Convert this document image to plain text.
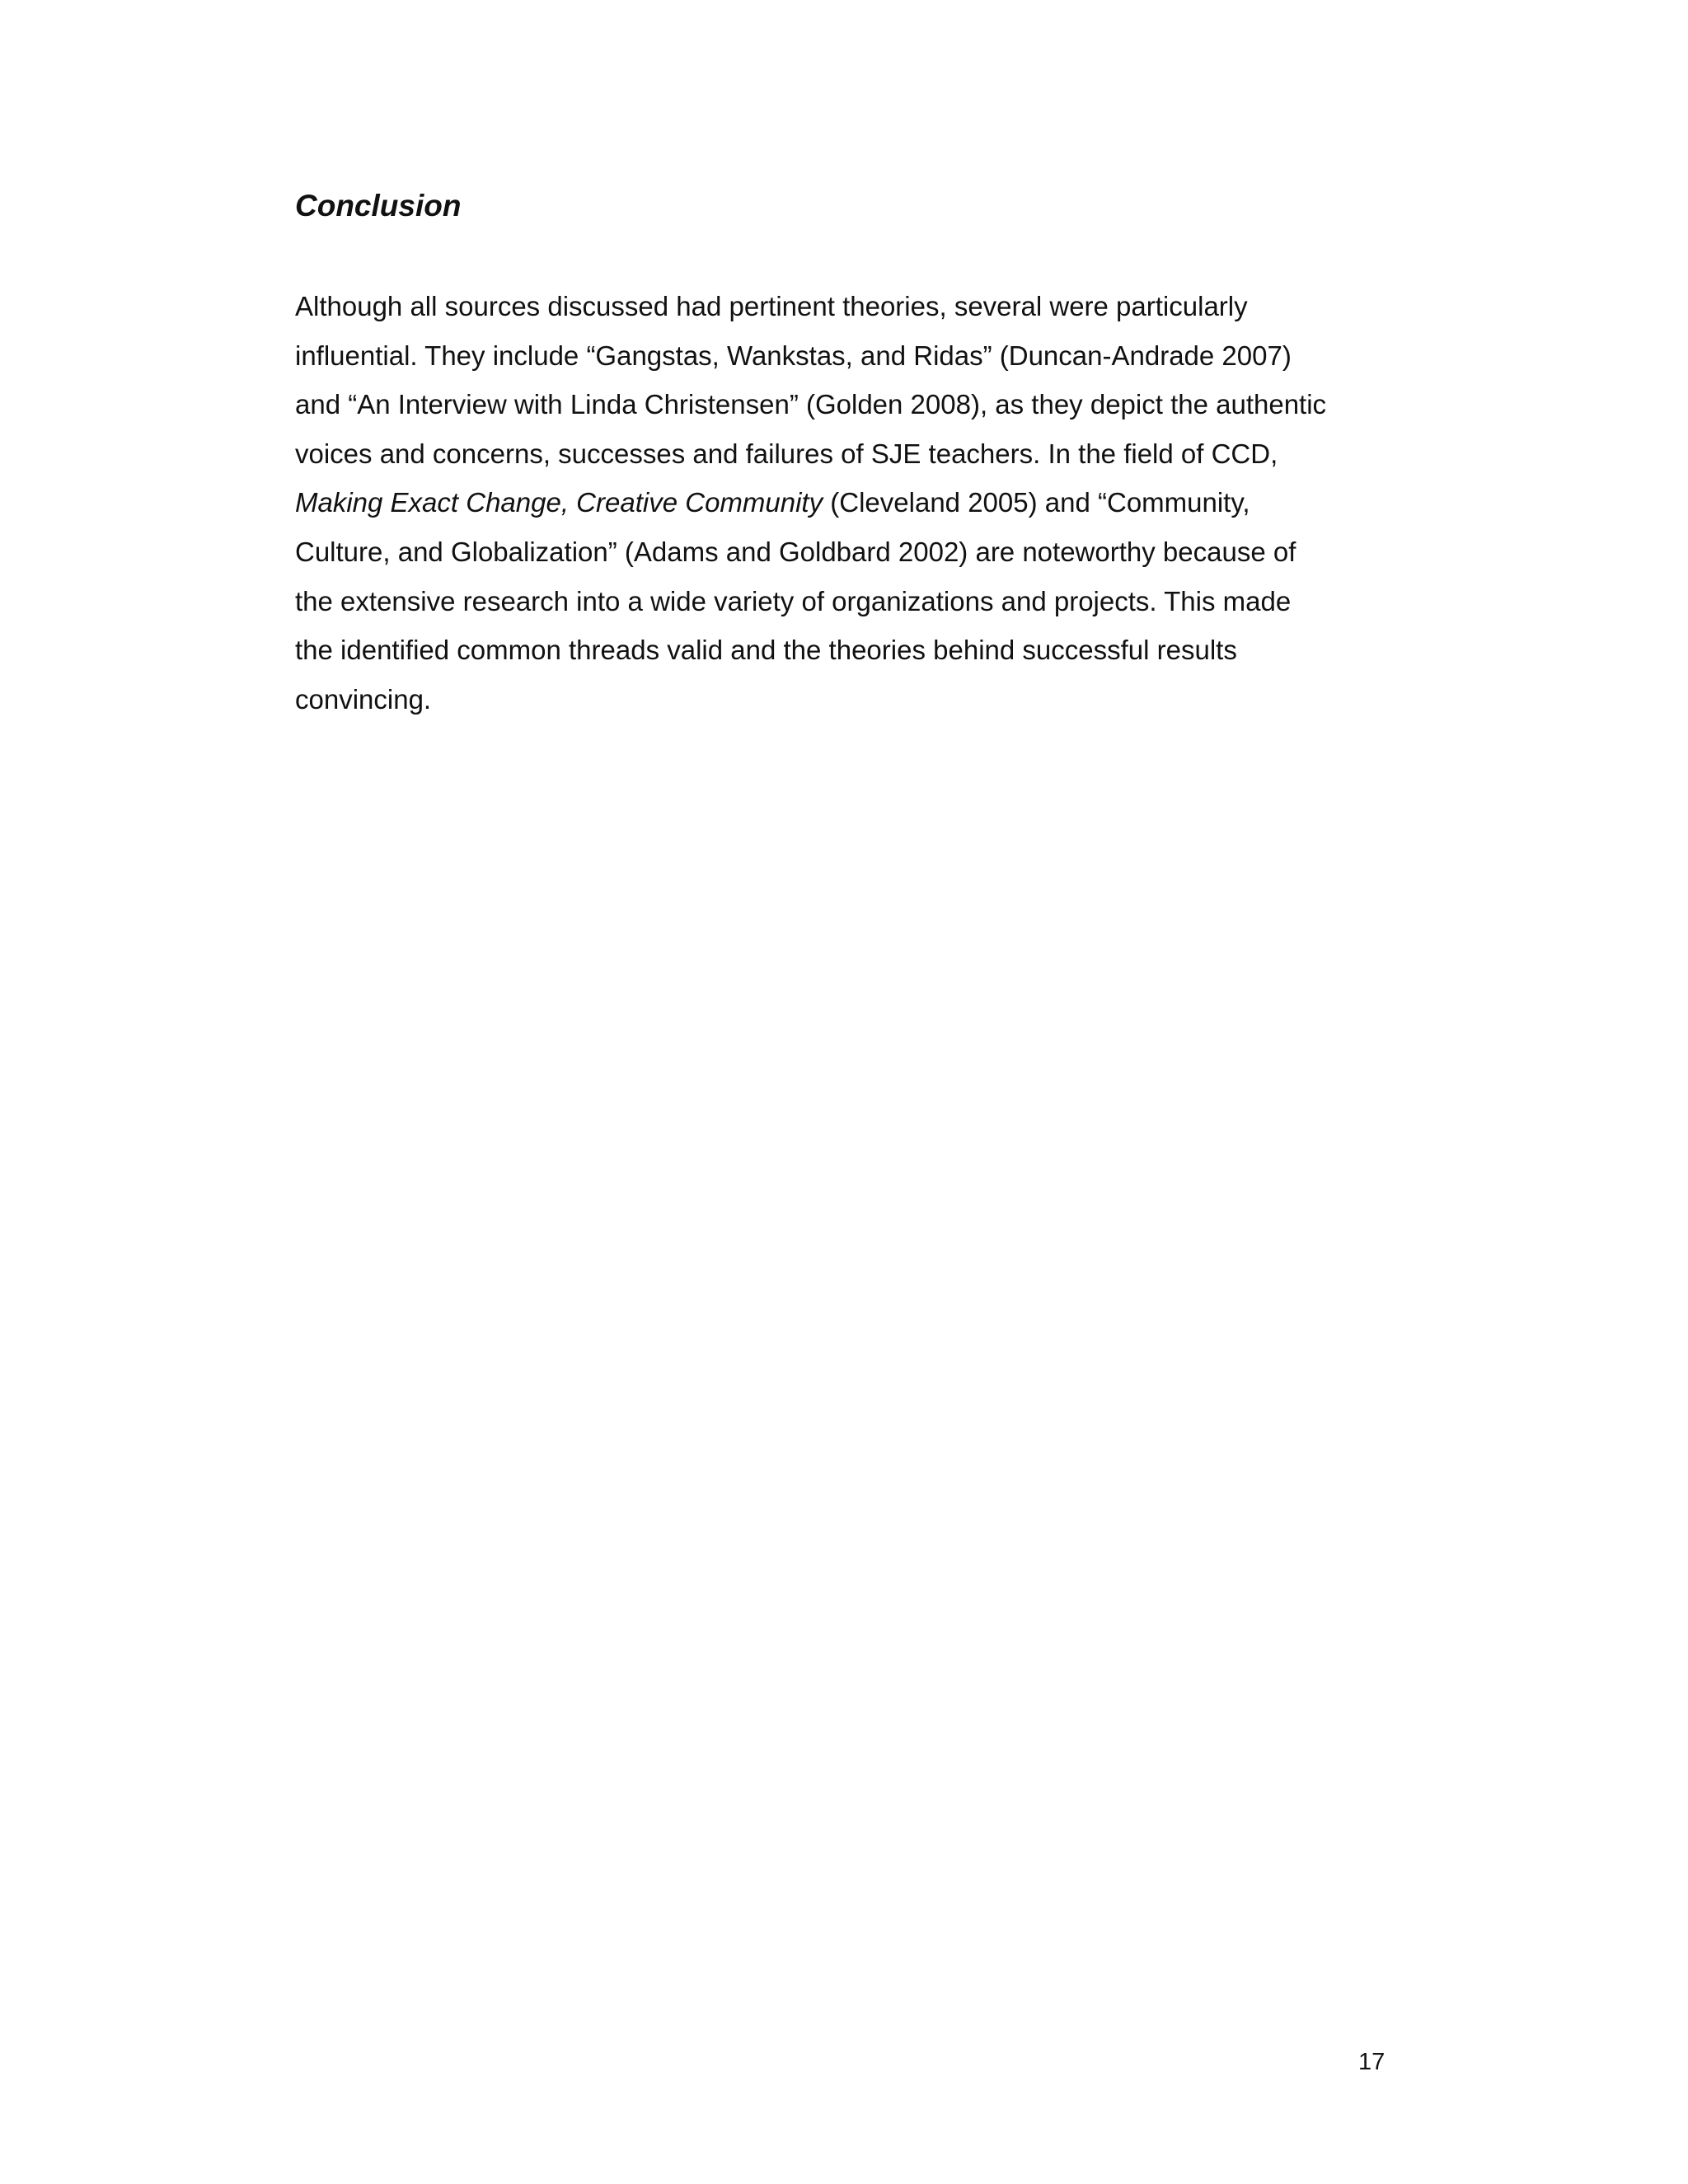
Conclusion
Although all sources discussed had pertinent theories, several were particularly
influential. They include “Gangstas, Wankstas, and Ridas” (Duncan-Andrade 2007)
and “An Interview with Linda Christensen” (Golden 2008), as they depict the authentic
voices and concerns, successes and failures of SJE teachers. In the field of CCD,
Making Exact Change, Creative Community (Cleveland 2005) and “Community,
Culture, and Globalization” (Adams and Goldbard 2002) are noteworthy because of
the extensive research into a wide variety of organizations and projects. This made
the identified common threads valid and the theories behind successful results
convincing.
17
